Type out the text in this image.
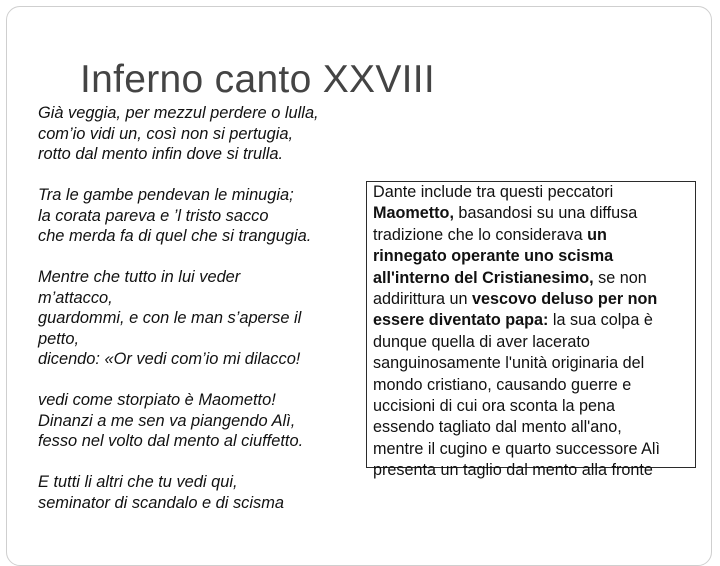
Inferno canto XXVIII

Già veggia, per mezzul perdere o lulla,
com’io vidi un, così non si pertugia,
rotto dal mento infin dove si trulla.

Tra le gambe pendevan le minugia;
la corata pareva e ’l tristo sacco
che merda fa di quel che si trangugia.

Mentre che tutto in lui veder
m’attacco,
guardommi, e con le man s’aperse il
petto,
dicendo: «Or vedi com’io mi dilacco!

vedi come storpiato è Maometto!
Dinanzi a me sen va piangendo Alì,
fesso nel volto dal mento al ciuffetto.

E tutti li altri che tu vedi qui,
seminator di scandalo e di scisma

Dante include tra questi peccatori
Maometto, basandosi su una diffusa
tradizione che lo considerava un
rinnegato operante uno scisma
all'interno del Cristianesimo, se non
addirittura un vescovo deluso per non
essere diventato papa: la sua colpa è
dunque quella di aver lacerato
sanguinosamente l'unità originaria del
mondo cristiano, causando guerre e
uccisioni di cui ora sconta la pena
essendo tagliato dal mento all'ano,
mentre il cugino e quarto successore Alì
presenta un taglio dal mento alla fronte
